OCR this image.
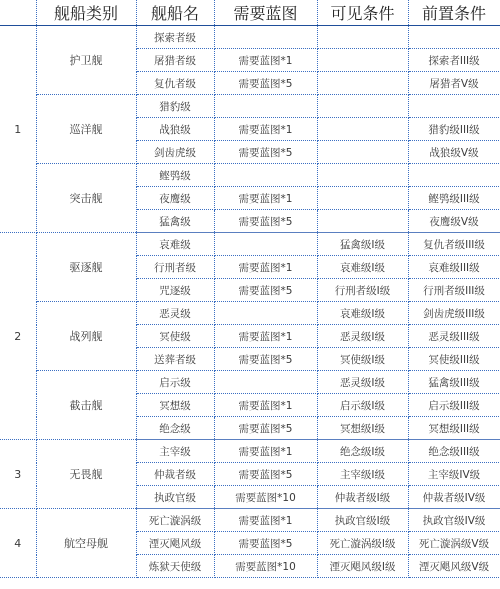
	舰船类别	舰船名	需要蓝图	可见条件	前置条件
1	护卫舰	探索者级			
		屠猎者级	需要蓝图*1		探索者III级
		复仇者级	需要蓝图*5		屠猎者V级
	巡洋舰	猎豹级			
		战狼级	需要蓝图*1		猎豹级III级
		剑齿虎级	需要蓝图*5		战狼级V级
	突击舰	鲣鸮级			
		夜鹰级	需要蓝图*1		鲣鸮级III级
		猛禽级	需要蓝图*5		夜鹰级V级
2	驱逐舰	哀难级		猛禽级I级	复仇者级III级
		行刑者级	需要蓝图*1	哀难级I级	哀难级III级
		咒逐级	需要蓝图*5	行刑者级I级	行刑者级III级
	战列舰	恶灵级		哀难级I级	剑齿虎级III级
		冥使级	需要蓝图*1	恶灵级I级	恶灵级III级
		送葬者级	需要蓝图*5	冥使级I级	冥使级III级
	截击舰	启示级		恶灵级I级	猛禽级III级
		冥想级	需要蓝图*1	启示级I级	启示级III级
		绝念级	需要蓝图*5	冥想级I级	冥想级III级
3	无畏舰	主宰级	需要蓝图*1	绝念级I级	绝念级III级
		仲裁者级	需要蓝图*5	主宰级I级	主宰级IV级
		执政官级	需要蓝图*10	仲裁者级I级	仲裁者级IV级
4	航空母舰	死亡漩涡级	需要蓝图*1	执政官级I级	执政官级IV级
		湮灭飓风级	需要蓝图*5	死亡漩涡级I级	死亡漩涡级V级
		炼狱天使级	需要蓝图*10	湮灭飓风级I级	湮灭飓风级V级
